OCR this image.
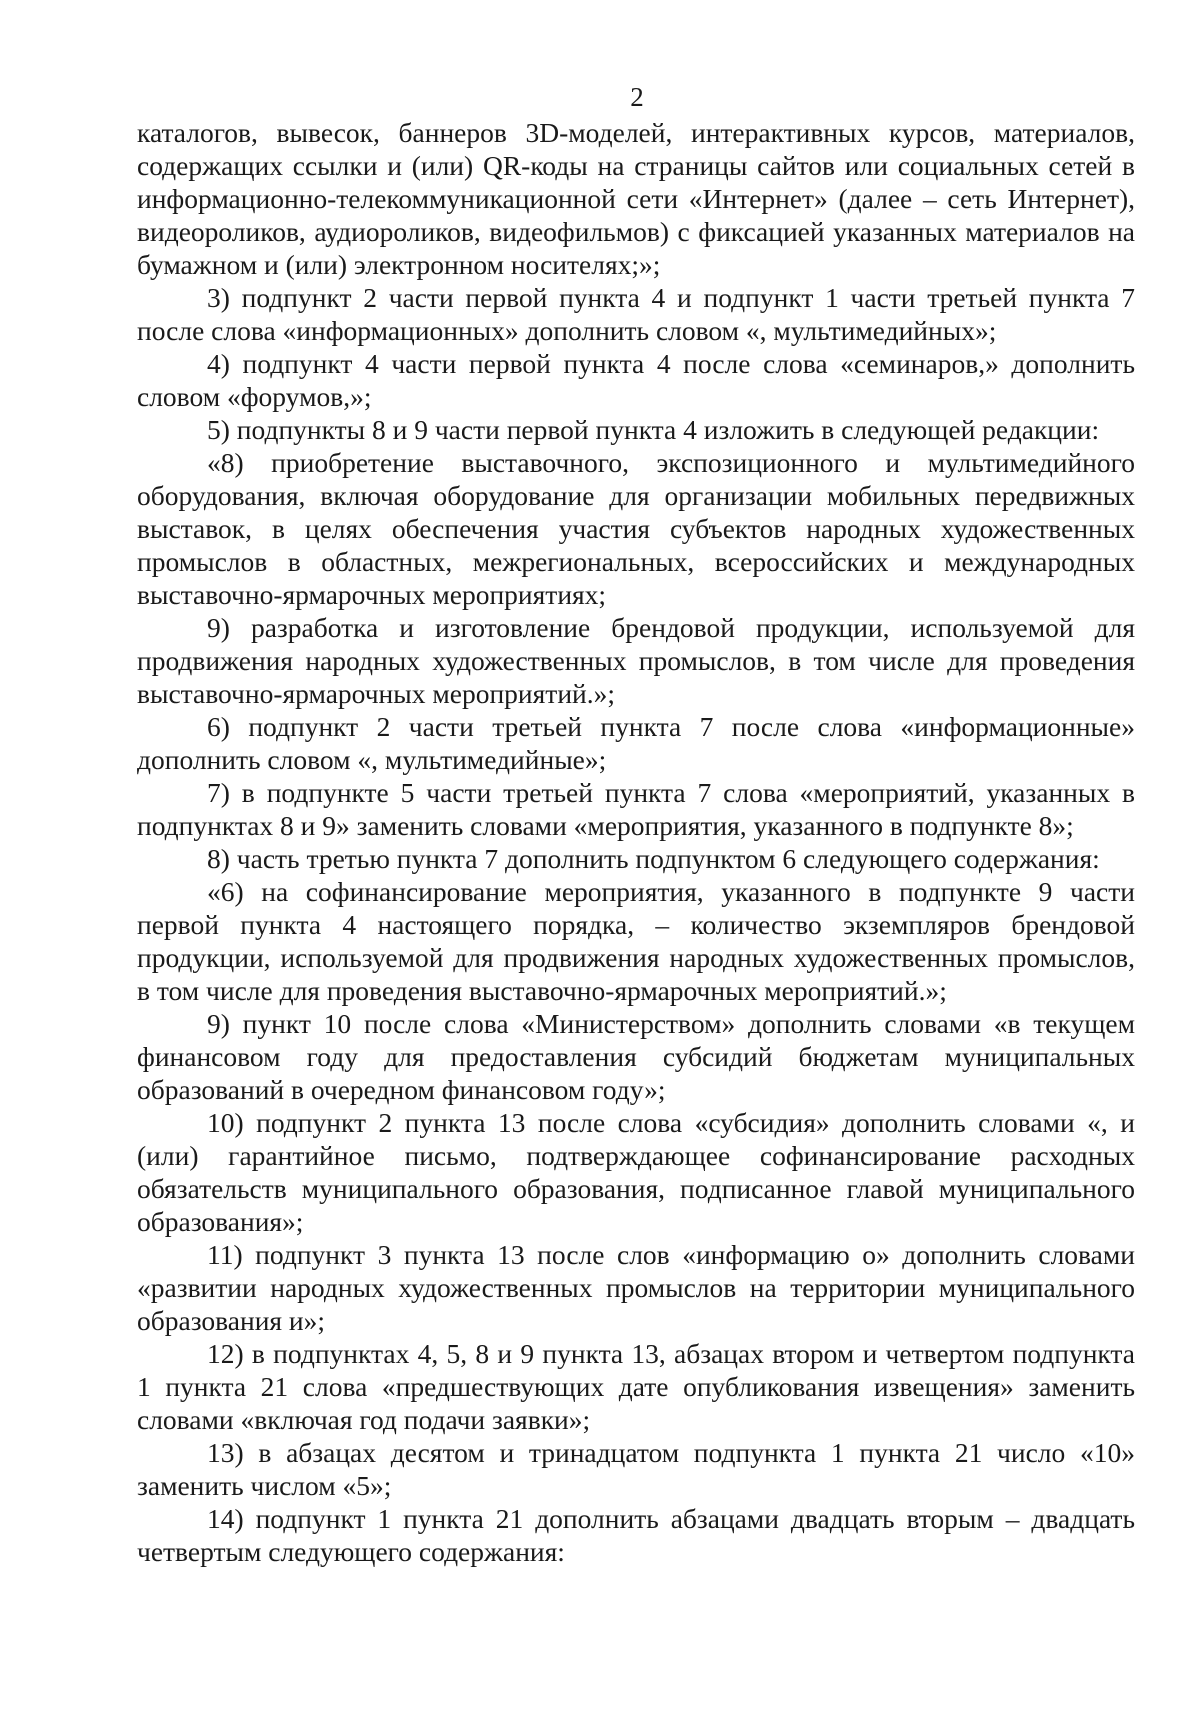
2

каталогов, вывесок, баннеров 3D-моделей, интерактивных курсов, материалов, содержащих ссылки и (или) QR-коды на страницы сайтов или социальных сетей в информационно-телекоммуникационной сети «Интернет» (далее – сеть Интернет), видеороликов, аудиороликов, видеофильмов) с фиксацией указанных материалов на бумажном и (или) электронном носителях;»;

3) подпункт 2 части первой пункта 4 и подпункт 1 части третьей пункта 7 после слова «информационных» дополнить словом «, мультимедийных»;

4) подпункт 4 части первой пункта 4 после слова «семинаров,» дополнить словом «форумов,»;

5) подпункты 8 и 9 части первой пункта 4 изложить в следующей редакции:

«8) приобретение выставочного, экспозиционного и мультимедийного оборудования, включая оборудование для организации мобильных передвижных выставок, в целях обеспечения участия субъектов народных художественных промыслов в областных, межрегиональных, всероссийских и международных выставочно-ярмарочных мероприятиях;

9) разработка и изготовление брендовой продукции, используемой для продвижения народных художественных промыслов, в том числе для проведения выставочно-ярмарочных мероприятий.»;

6) подпункт 2 части третьей пункта 7 после слова «информационные» дополнить словом «, мультимедийные»;

7) в подпункте 5 части третьей пункта 7 слова «мероприятий, указанных в подпунктах 8 и 9» заменить словами «мероприятия, указанного в подпункте 8»;

8) часть третью пункта 7 дополнить подпунктом 6 следующего содержания:

«6) на софинансирование мероприятия, указанного в подпункте 9 части первой пункта 4 настоящего порядка, – количество экземпляров брендовой продукции, используемой для продвижения народных художественных промыслов, в том числе для проведения выставочно-ярмарочных мероприятий.»;

9) пункт 10 после слова «Министерством» дополнить словами «в текущем финансовом году для предоставления субсидий бюджетам муниципальных образований в очередном финансовом году»;

10) подпункт 2 пункта 13 после слова «субсидия» дополнить словами «, и (или) гарантийное письмо, подтверждающее софинансирование расходных обязательств муниципального образования, подписанное главой муниципального образования»;

11) подпункт 3 пункта 13 после слов «информацию о» дополнить словами «развитии народных художественных промыслов на территории муниципального образования и»;

12) в подпунктах 4, 5, 8 и 9 пункта 13, абзацах втором и четвертом подпункта 1 пункта 21 слова «предшествующих дате опубликования извещения» заменить словами «включая год подачи заявки»;

13) в абзацах десятом и тринадцатом подпункта 1 пункта 21 число «10» заменить числом «5»;

14) подпункт 1 пункта 21 дополнить абзацами двадцать вторым – двадцать четвертым следующего содержания:
